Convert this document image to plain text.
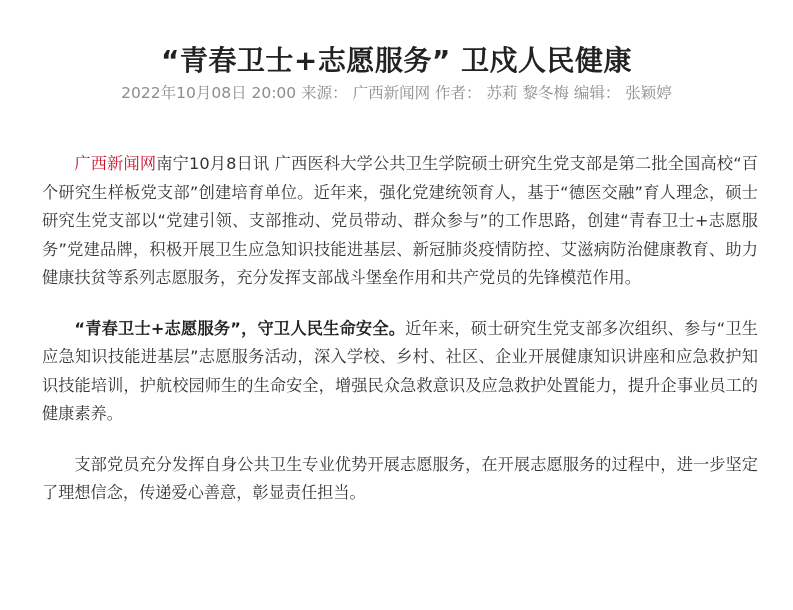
“青春卫士+志愿服务” 卫戍人民健康
2022年10月08日 20:00 来源： 广西新闻网 作者： 苏莉 黎冬梅 编辑： 张颖婷

广西新闻网南宁10月8日讯 广西医科大学公共卫生学院硕士研究生党支部是第二批全国高校“百个研究生样板党支部”创建培育单位。近年来，强化党建统领育人，基于“德医交融”育人理念，硕士研究生党支部以“党建引领、支部推动、党员带动、群众参与”的工作思路，创建“青春卫士+志愿服务”党建品牌，积极开展卫生应急知识技能进基层、新冠肺炎疫情防控、艾滋病防治健康教育、助力健康扶贫等系列志愿服务，充分发挥支部战斗堡垒作用和共产党员的先锋模范作用。

“青春卫士+志愿服务”，守卫人民生命安全。近年来，硕士研究生党支部多次组织、参与“卫生应急知识技能进基层”志愿服务活动，深入学校、乡村、社区、企业开展健康知识讲座和应急救护知识技能培训，护航校园师生的生命安全，增强民众急救意识及应急救护处置能力，提升企事业员工的健康素养。

支部党员充分发挥自身公共卫生专业优势开展志愿服务，在开展志愿服务的过程中，进一步坚定了理想信念，传递爱心善意，彰显责任担当。
